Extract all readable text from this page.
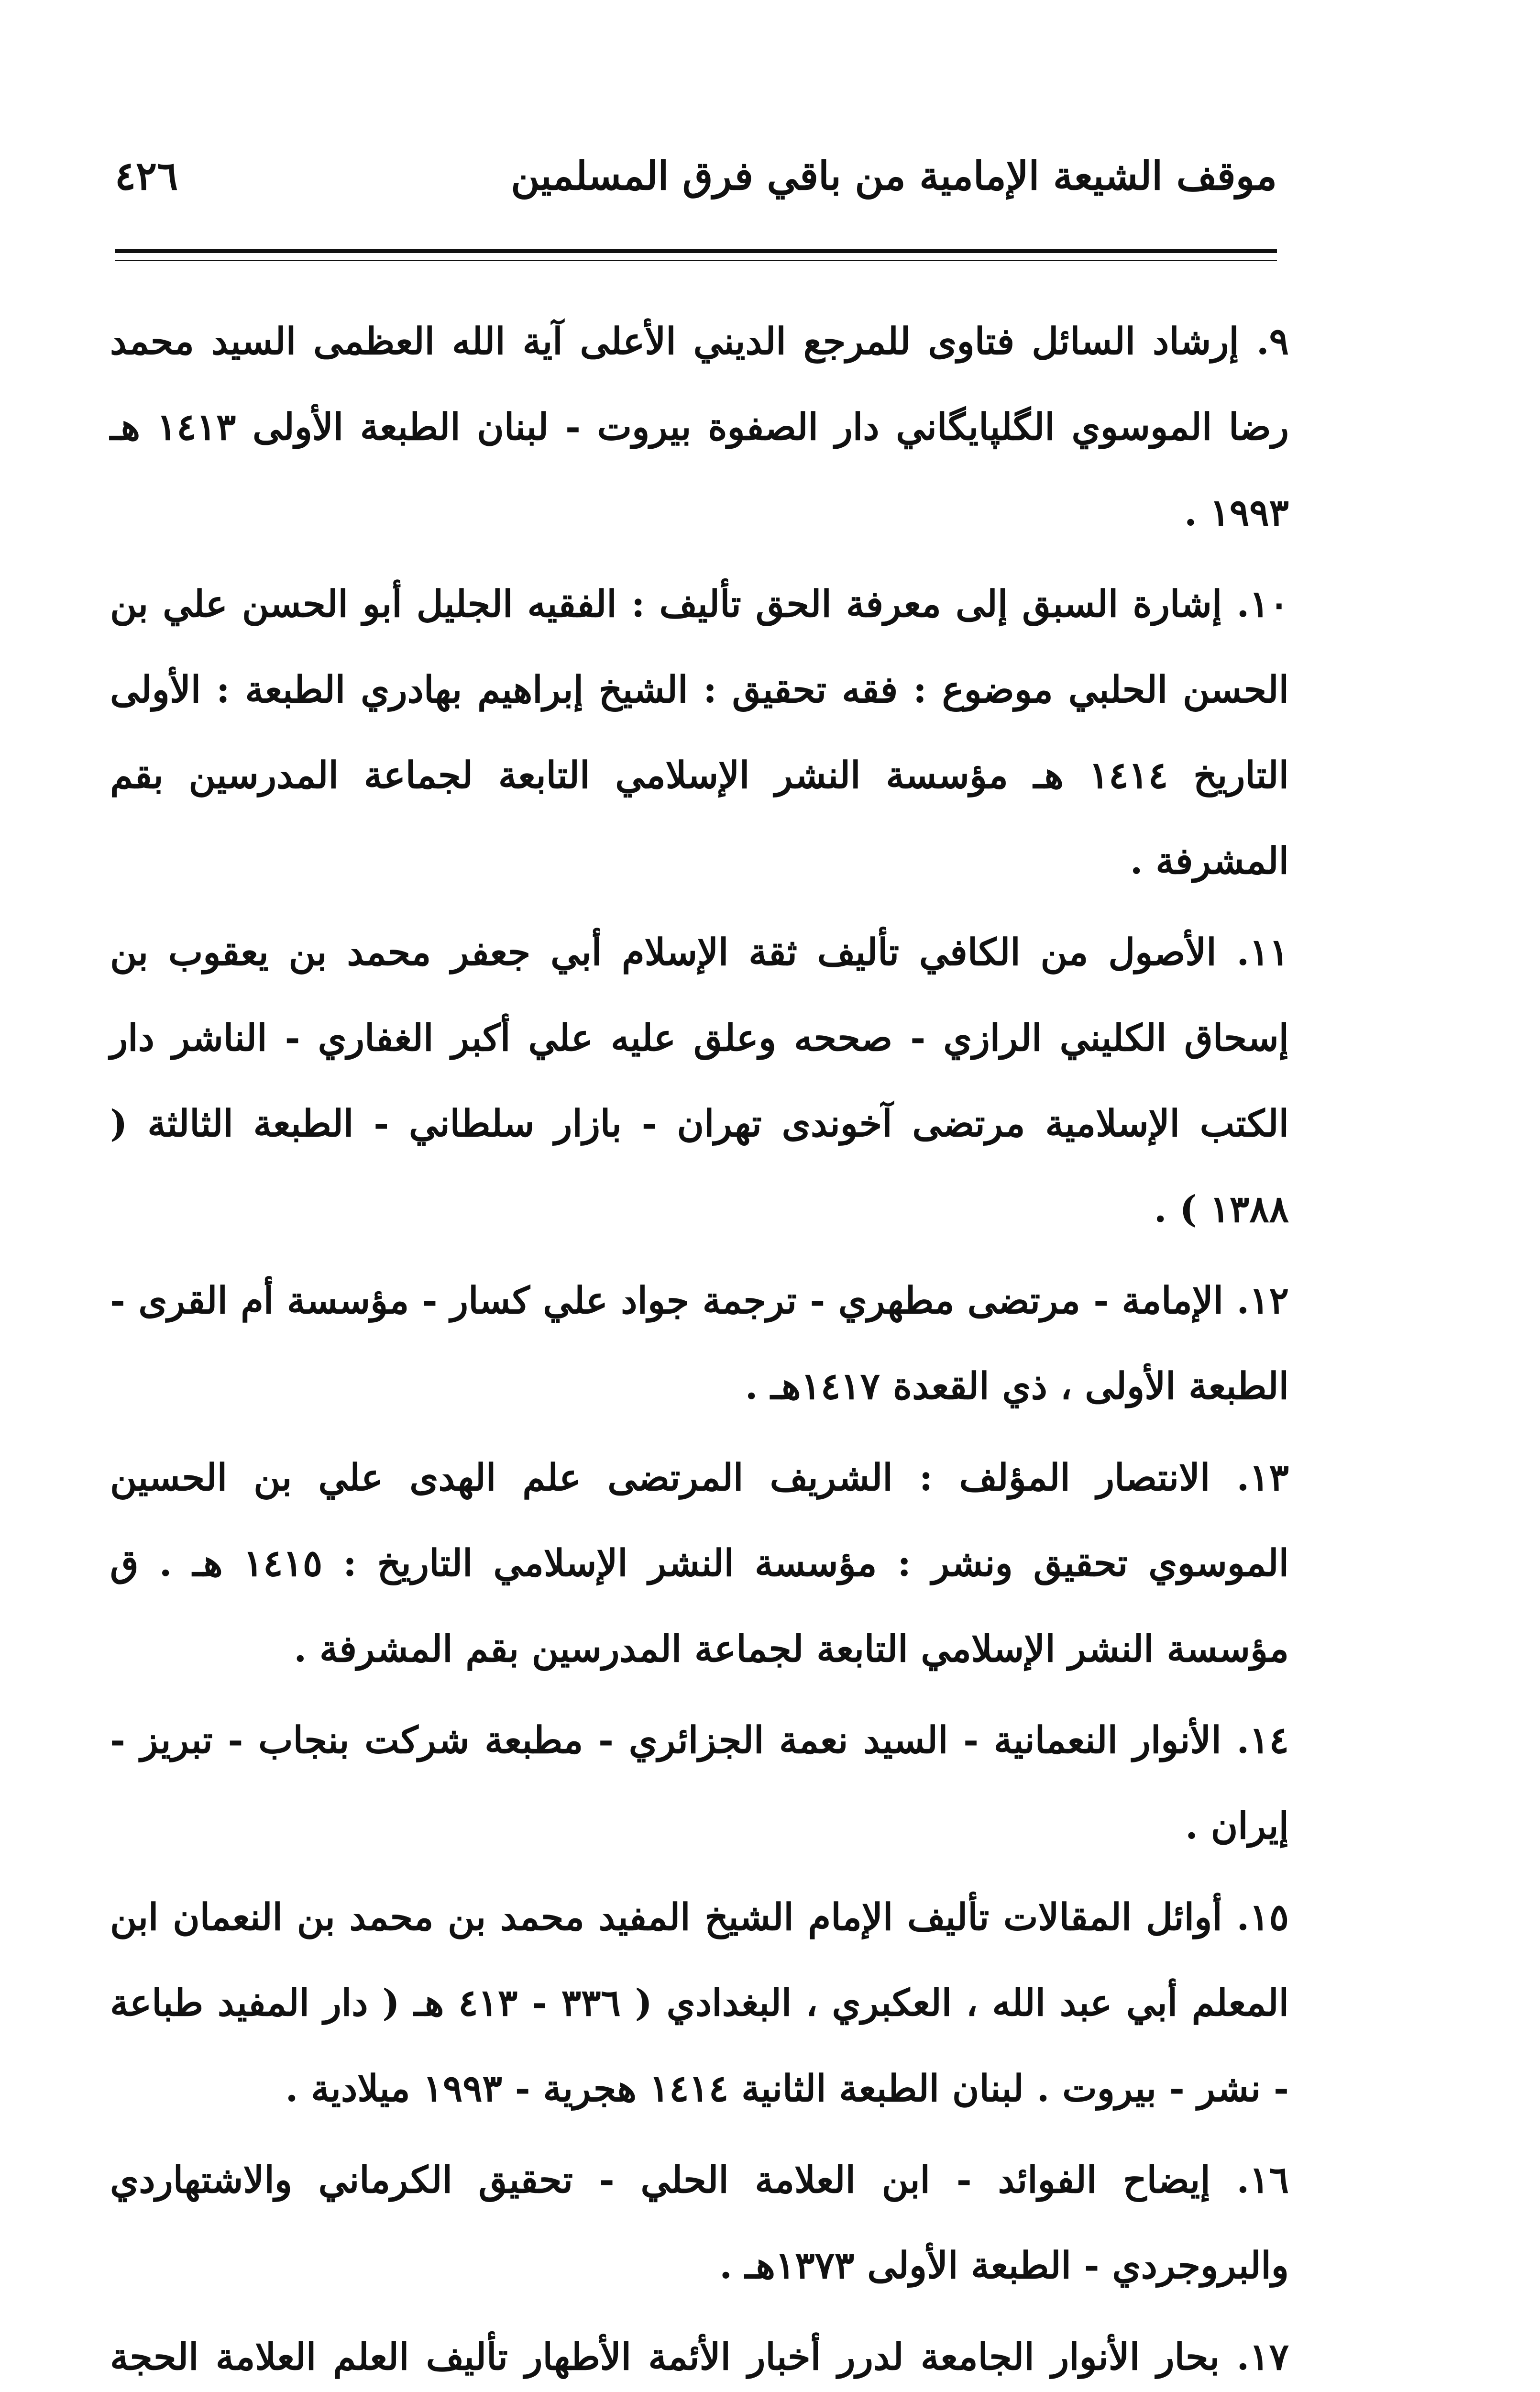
موقف الشيعة الإمامية من باقي فرق المسلمين
٤٢٦

٩. إرشاد السائل فتاوى للمرجع الديني الأعلى آية الله العظمى السيد محمد رضا الموسوي الگلپايگاني دار الصفوة بيروت - لبنان الطبعة الأولى ١٤١٣ هـ ١٩٩٣ .

١٠. إشارة السبق إلى معرفة الحق تأليف : الفقيه الجليل أبو الحسن علي بن الحسن الحلبي موضوع : فقه تحقيق : الشيخ إبراهيم بهادري الطبعة : الأولى التاريخ ١٤١٤ هـ مؤسسة النشر الإسلامي التابعة لجماعة المدرسين بقم المشرفة .

١١. الأصول من الكافي تأليف ثقة الإسلام أبي جعفر محمد بن يعقوب بن إسحاق الكليني الرازي - صححه وعلق عليه علي أكبر الغفاري - الناشر دار الكتب الإسلامية مرتضى آخوندى تهران - بازار سلطاني - الطبعة الثالثة ( ١٣٨٨ ) .

١٢. الإمامة - مرتضى مطهري - ترجمة جواد علي كسار - مؤسسة أم القرى - الطبعة الأولى ، ذي القعدة ١٤١٧هـ .

١٣. الانتصار المؤلف : الشريف المرتضى علم الهدى علي بن الحسين الموسوي تحقيق ونشر : مؤسسة النشر الإسلامي التاريخ : ١٤١٥ هـ . ق مؤسسة النشر الإسلامي التابعة لجماعة المدرسين بقم المشرفة .

١٤. الأنوار النعمانية - السيد نعمة الجزائري - مطبعة شركت بنجاب - تبريز - إيران .

١٥. أوائل المقالات تأليف الإمام الشيخ المفيد محمد بن محمد بن النعمان ابن المعلم أبي عبد الله ، العكبري ، البغدادي ( ٣٣٦ - ٤١٣ هـ ( دار المفيد طباعة - نشر - بيروت . لبنان الطبعة الثانية ١٤١٤ هجرية - ١٩٩٣ ميلادية .

١٦. إيضاح الفوائد - ابن العلامة الحلي - تحقيق الكرماني والاشتهاردي والبروجردي - الطبعة الأولى ١٣٧٣هـ .

١٧. بحار الأنوار الجامعة لدرر أخبار الأئمة الأطهار تأليف العلم العلامة الحجة
